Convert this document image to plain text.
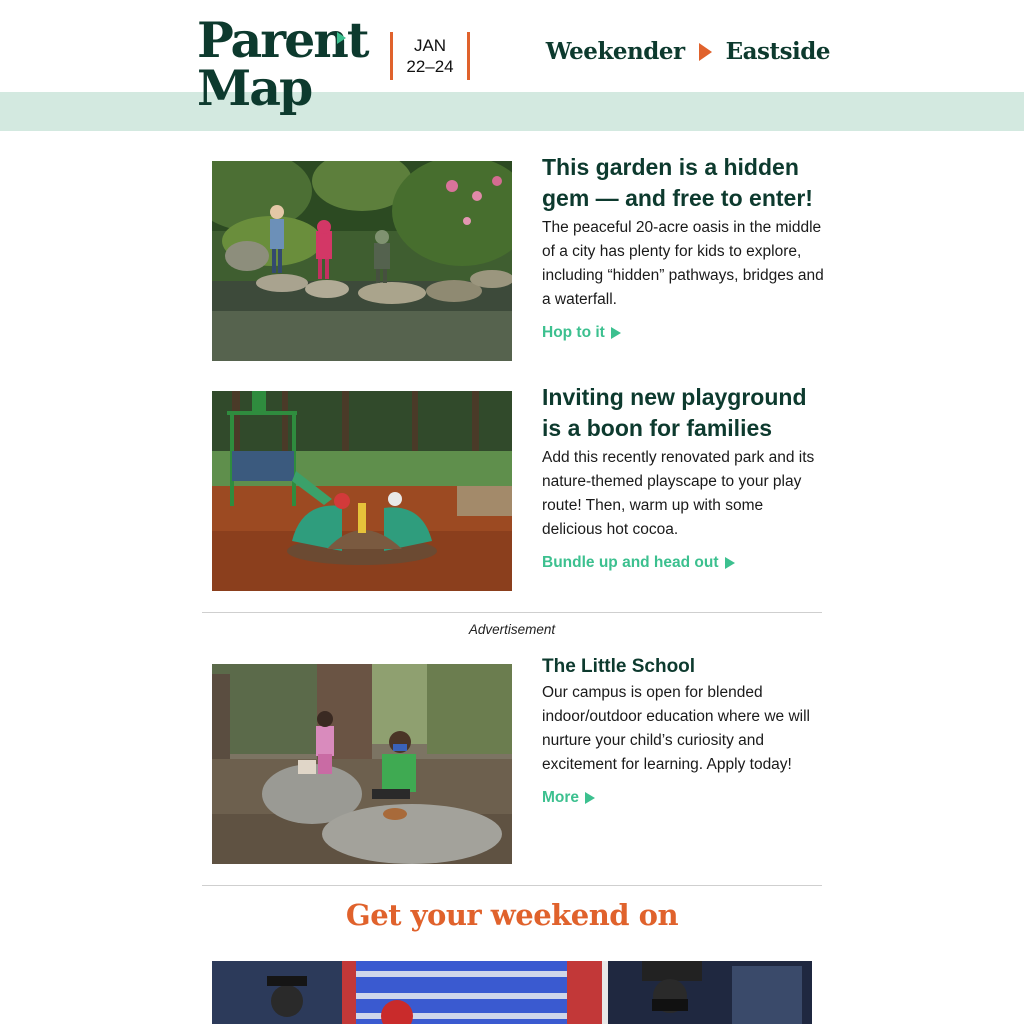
Parent
Map
JAN
22–24
Weekender Eastside
This garden is a hidden gem — and free to enter!

The peaceful 20-acre oasis in the middle of a city has plenty for kids to explore, including “hidden” pathways, bridges and a waterfall.

Hop to it
Inviting new playground is a boon for families

Add this recently renovated park and its nature-themed playscape to your play route! Then, warm up with some delicious hot cocoa.

Bundle up and head out
Advertisement
The Little School

Our campus is open for blended indoor/outdoor education where we will nurture your child’s curiosity and excitement for learning. Apply today!

More
Get your weekend on
